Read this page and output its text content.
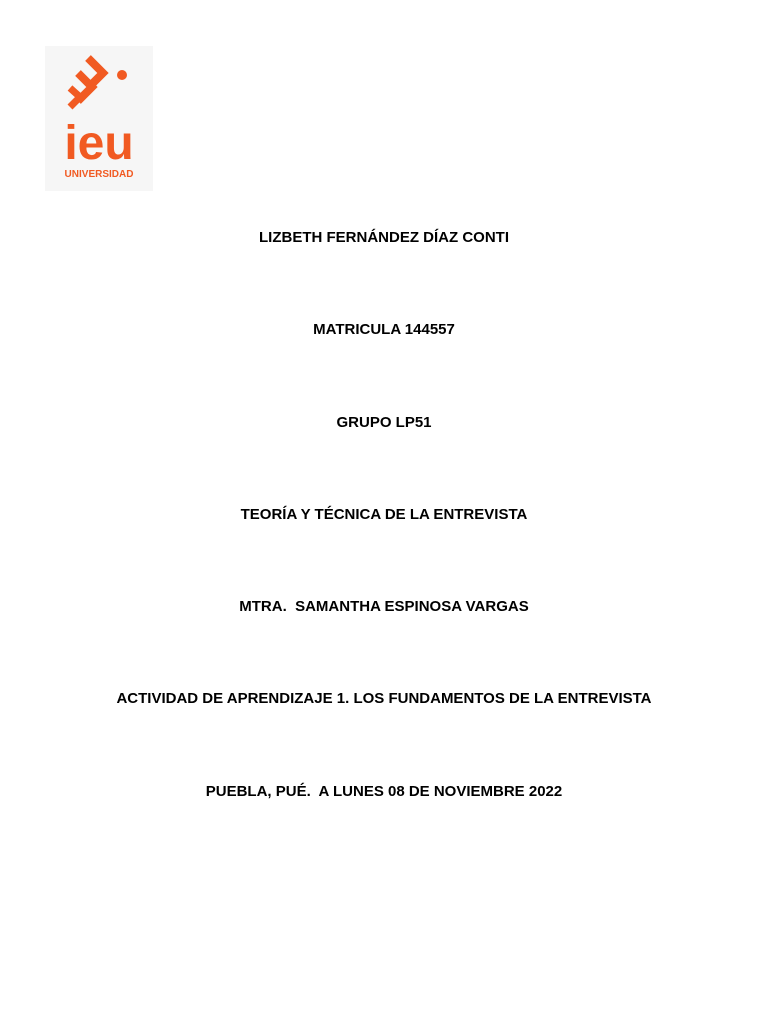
ieu
UNIVERSIDAD
LIZBETH FERNÁNDEZ DÍAZ CONTI
MATRICULA 144557
GRUPO LP51
TEORÍA Y TÉCNICA DE LA ENTREVISTA
MTRA.  SAMANTHA ESPINOSA VARGAS
ACTIVIDAD DE APRENDIZAJE 1. LOS FUNDAMENTOS DE LA ENTREVISTA
PUEBLA, PUÉ.  A LUNES 08 DE NOVIEMBRE 2022
